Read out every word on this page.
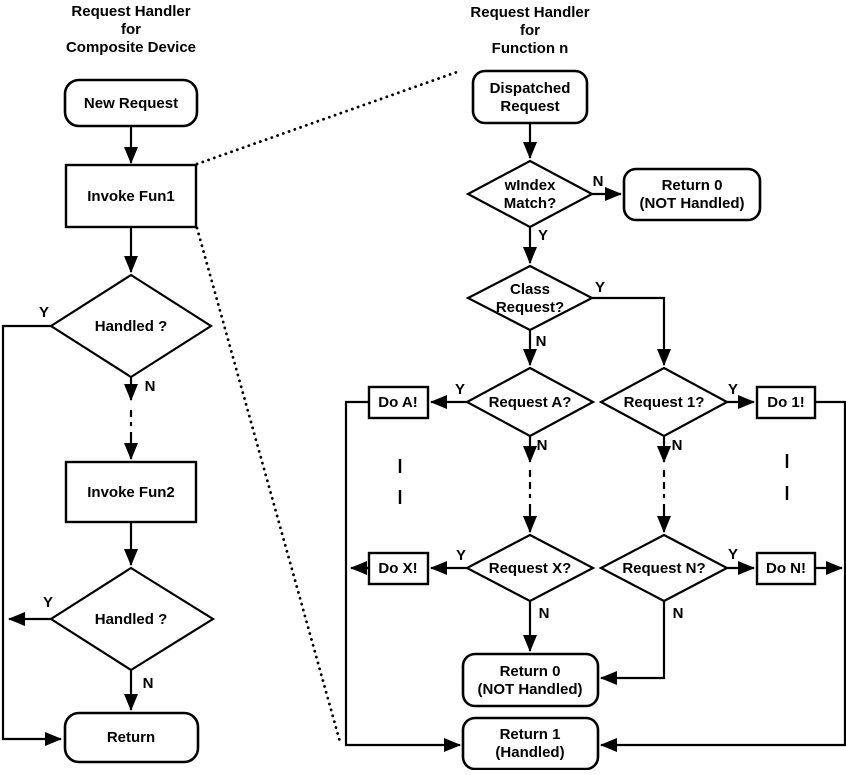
Request Handler
for
Composite Device
New Request
Invoke Fun1
Handled ?
Invoke Fun2
Handled ?
Return
Y
N
Y
N
Request Handler
for
Function n
Dispatched
Request
wIndex
Match?
Return 0
(NOT Handled)
Class
Request?
Request A?	Request 1?
Do A!	Do 1!
Request X?	Request N?
Do X!	Do N!
Return 0
(NOT Handled)
Return 1
(Handled)
N
Y
Y
N
Y
N
Y
N
Y
N
Y
N
